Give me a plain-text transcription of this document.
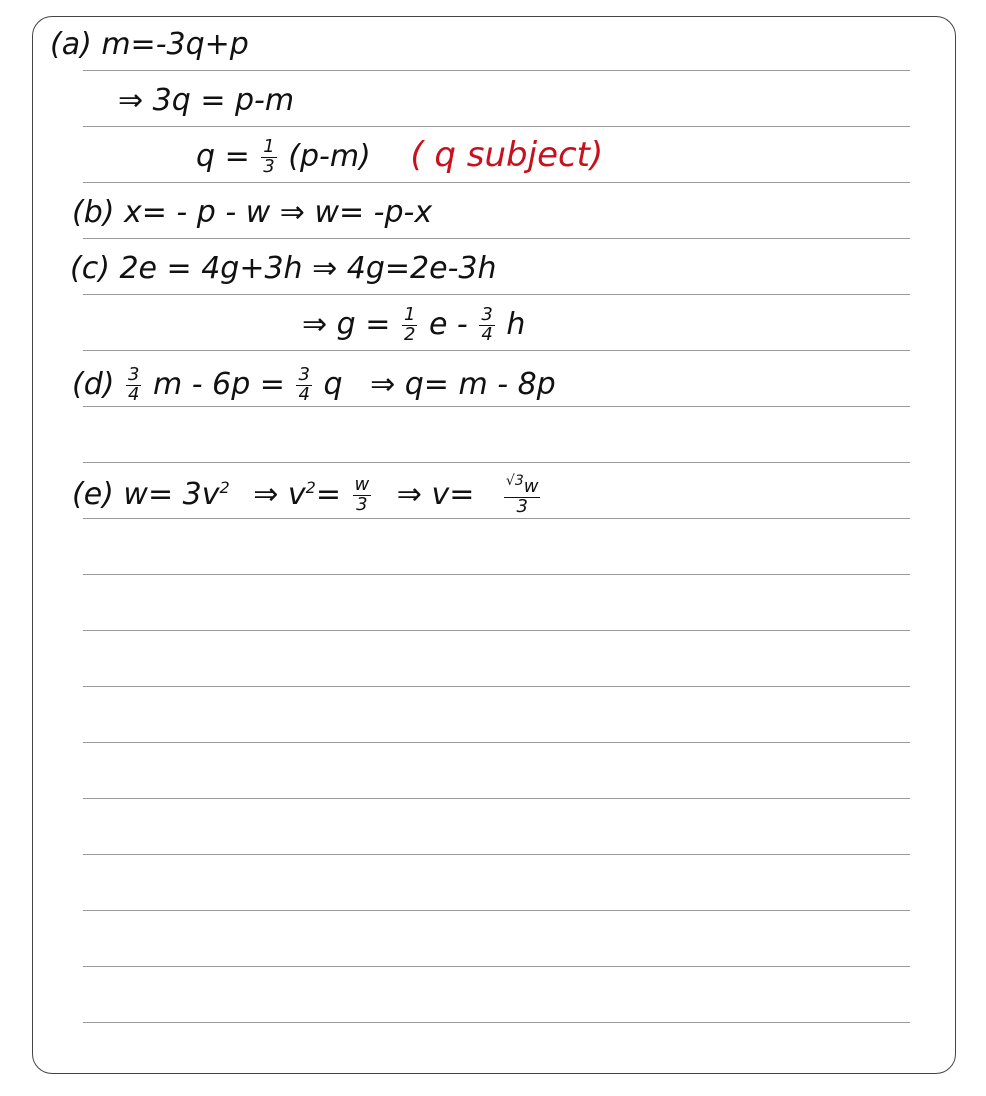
(a) m=-3q+p
⇒ 3q = p-m
$q = \frac{1}{3} (p-m)$ ( q subject)
(b) x= - p - w ⇒ w= -p-x
(c) 2e = 4g+3h ⇒ 4g=2e-3h
⇒ $g = \frac{1}{2}$ e - $\frac{3}{4}$ h
$(d) \frac{3}{4}$ $m - 6p = \frac{3}{4}$ q ⇒ q= m - 8p
(e) $w= 3v^2$ ⇒ $v^2= \frac{w}{3}$ ⇒ $v= \frac{^{√3}w}{3}$
